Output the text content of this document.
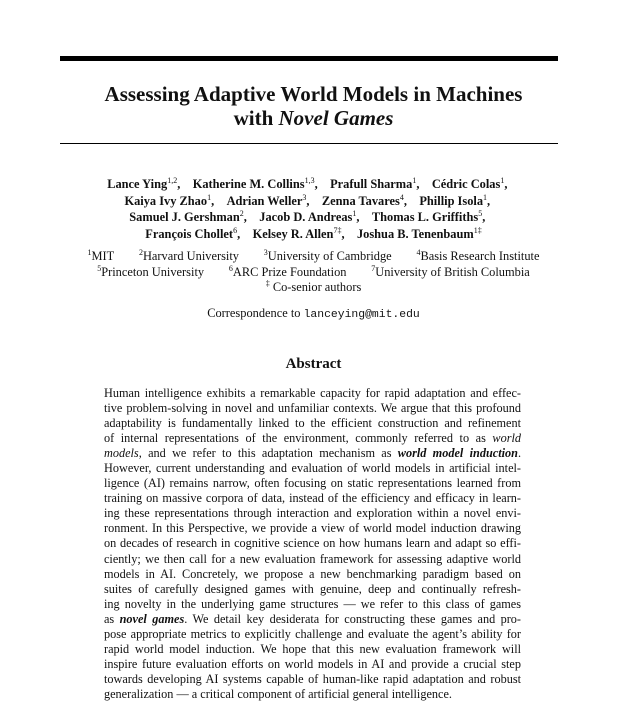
Assessing Adaptive World Models in Machines
with Novel Games
Lance Ying$^{1,2}$, Katherine M. Collins$^{1,3}$, Prafull Sharma$^1$, Cédric Colas$^1$, 
Kaiya Ivy Zhao$^1$, Adrian Weller$^3$, Zenna Tavares$^4$, Phillip Isola$^1$, 
Samuel J. Gershman$^2$, Jacob D. Andreas$^1$, Thomas L. Griffiths$^5$, 
François Chollet$^6$, Kelsey R. Allen$^{7\ddagger}$, Joshua B. Tenenbaum$^{1\ddagger}$
$^1$MIT  	$^2$Harvard University  	$^3$University of Cambridge  	$^4$Basis Research Institute
$^5$Princeton University  	$^6$ARC Prize Foundation  	$^7$University of British Columbia
‡ Co-senior authors
Correspondence to lanceying@mit.edu
Abstract
Human intelligence exhibits a remarkable capacity for rapid adaptation and effec-
tive problem-solving in novel and unfamiliar contexts. We argue that this profound
adaptability is fundamentally linked to the efficient construction and refinement
of internal representations of the environment, commonly referred to as world
models, and we refer to this adaptation mechanism as world model induction.
However, current understanding and evaluation of world models in artificial intel-
ligence (AI) remains narrow, often focusing on static representations learned from
training on massive corpora of data, instead of the efficiency and efficacy in learn-
ing these representations through interaction and exploration within a novel envi-
ronment. In this Perspective, we provide a view of world model induction drawing
on decades of research in cognitive science on how humans learn and adapt so effi-
ciently; we then call for a new evaluation framework for assessing adaptive world
models in AI. Concretely, we propose a new benchmarking paradigm based on
suites of carefully designed games with genuine, deep and continually refresh-
ing novelty in the underlying game structures — we refer to this class of games
as novel games. We detail key desiderata for constructing these games and pro-
pose appropriate metrics to explicitly challenge and evaluate the agent’s ability for
rapid world model induction. We hope that this new evaluation framework will
inspire future evaluation efforts on world models in AI and provide a crucial step
towards developing AI systems capable of human-like rapid adaptation and robust
generalization — a critical component of artificial general intelligence.
